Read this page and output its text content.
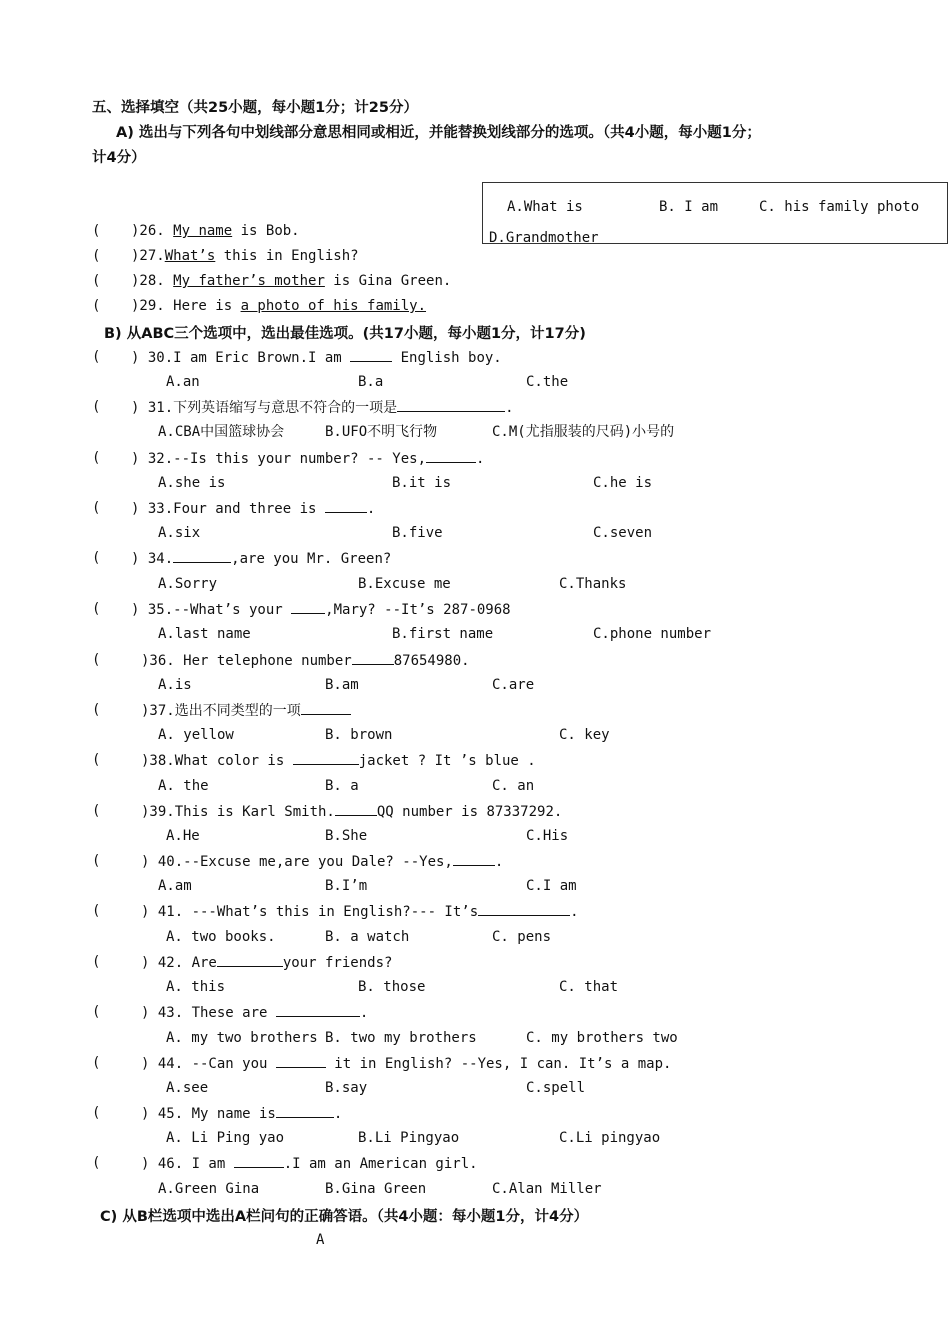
五、选择填空（共25小题，每小题1分；计25分）
A) 选出与下列各句中划线部分意思相同或相近，并能替换划线部分的选项。（共4小题，每小题1分；
计4分）
A.What is	B. I am	C. his family photo
D.Grandmother
( )26. My name is Bob.
( )27.What’s this in English?
( )28. My father’s mother is Gina Green.
( )29. Here is a photo of his family.
B) 从ABC三个选项中，选出最佳选项。(共17小题，每小题1分，计17分)
( ) 30.I am Eric Brown.I am	English boy.
A.an	B.a	C.the
( ) 31.下列英语缩写与意思不符合的一项是	.
A.CBA中国篮球协会	B.UFO不明飞行物	C.M(尤指服装的尺码)小号的
( ) 32.--Is this your number? -- Yes,	.
A.she is	B.it is	C.he is
( ) 33.Four and three is	.
A.six	B.five	C.seven
( ) 34.	,are you Mr. Green?
A.Sorry	B.Excuse me	C.Thanks
( ) 35.--What’s your ,Mary? --It’s 287-0968
A.last name	B.first name	C.phone number
(	)36. Her telephone number	87654980.
A.is	B.am	C.are
(	)37.选出不同类型的一项
A. yellow	B. brown	C. key
(	)38.What color is	jacket ? It ’s blue .
A. the	B. a	C. an
(	)39.This is Karl Smith.	QQ number is 87337292.
A.He	B.She	C.His
(	) 40.--Excuse me,are you Dale? --Yes,	.
A.am	B.I’m	C.I am
(	) 41. ---What’s this in English?--- It’s	.
A. two books.	B. a watch	C. pens
(	) 42. Are	your friends?
A. this	B. those	C. that
(	) 43. These are	.
A. my two brothers B. two my brothers	C. my brothers two
(	) 44. --Can you	it in English? --Yes, I can. It’s a map.
A.see	B.say	C.spell
(	) 45. My name is	.
A. Li Ping yao	B.Li Pingyao	C.Li pingyao
(	) 46. I am	.I am an American girl.
A.Green Gina	B.Gina Green	C.Alan Miller
C) 从B栏选项中选出A栏问句的正确答语。（共4小题：每小题1分，计4分）
A
